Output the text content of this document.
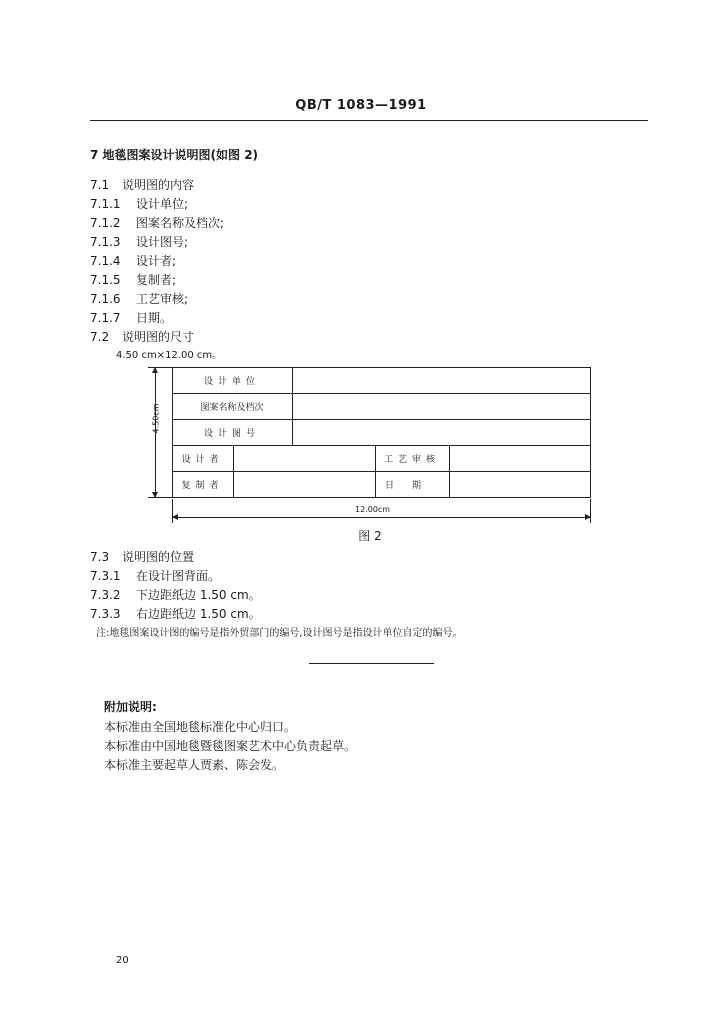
QB/T 1083—1991
7 地毯图案设计说明图(如图 2)
7.1 说明图的内容
7.1.1 设计单位;
7.1.2 图案名称及档次;
7.1.3 设计图号;
7.1.4 设计者;
7.1.5 复制者;
7.1.6 工艺审核;
7.1.7 日期。
7.2 说明图的尺寸
4.50 cm×12.00 cm。
设计单位
图案名称及档次
设计图号
设计者	工艺审核
复制者	日期
4.50cm
12.00cm
图 2
7.3 说明图的位置
7.3.1 在设计图背面。
7.3.2 下边距纸边 1.50 cm。
7.3.3 右边距纸边 1.50 cm。
注:地毯图案设计图的编号是指外贸部门的编号,设计图号是指设计单位自定的编号。
附加说明:
本标准由全国地毯标准化中心归口。
本标准由中国地毯暨毯图案艺术中心负责起草。
本标准主要起草人贾素、陈会发。
20
